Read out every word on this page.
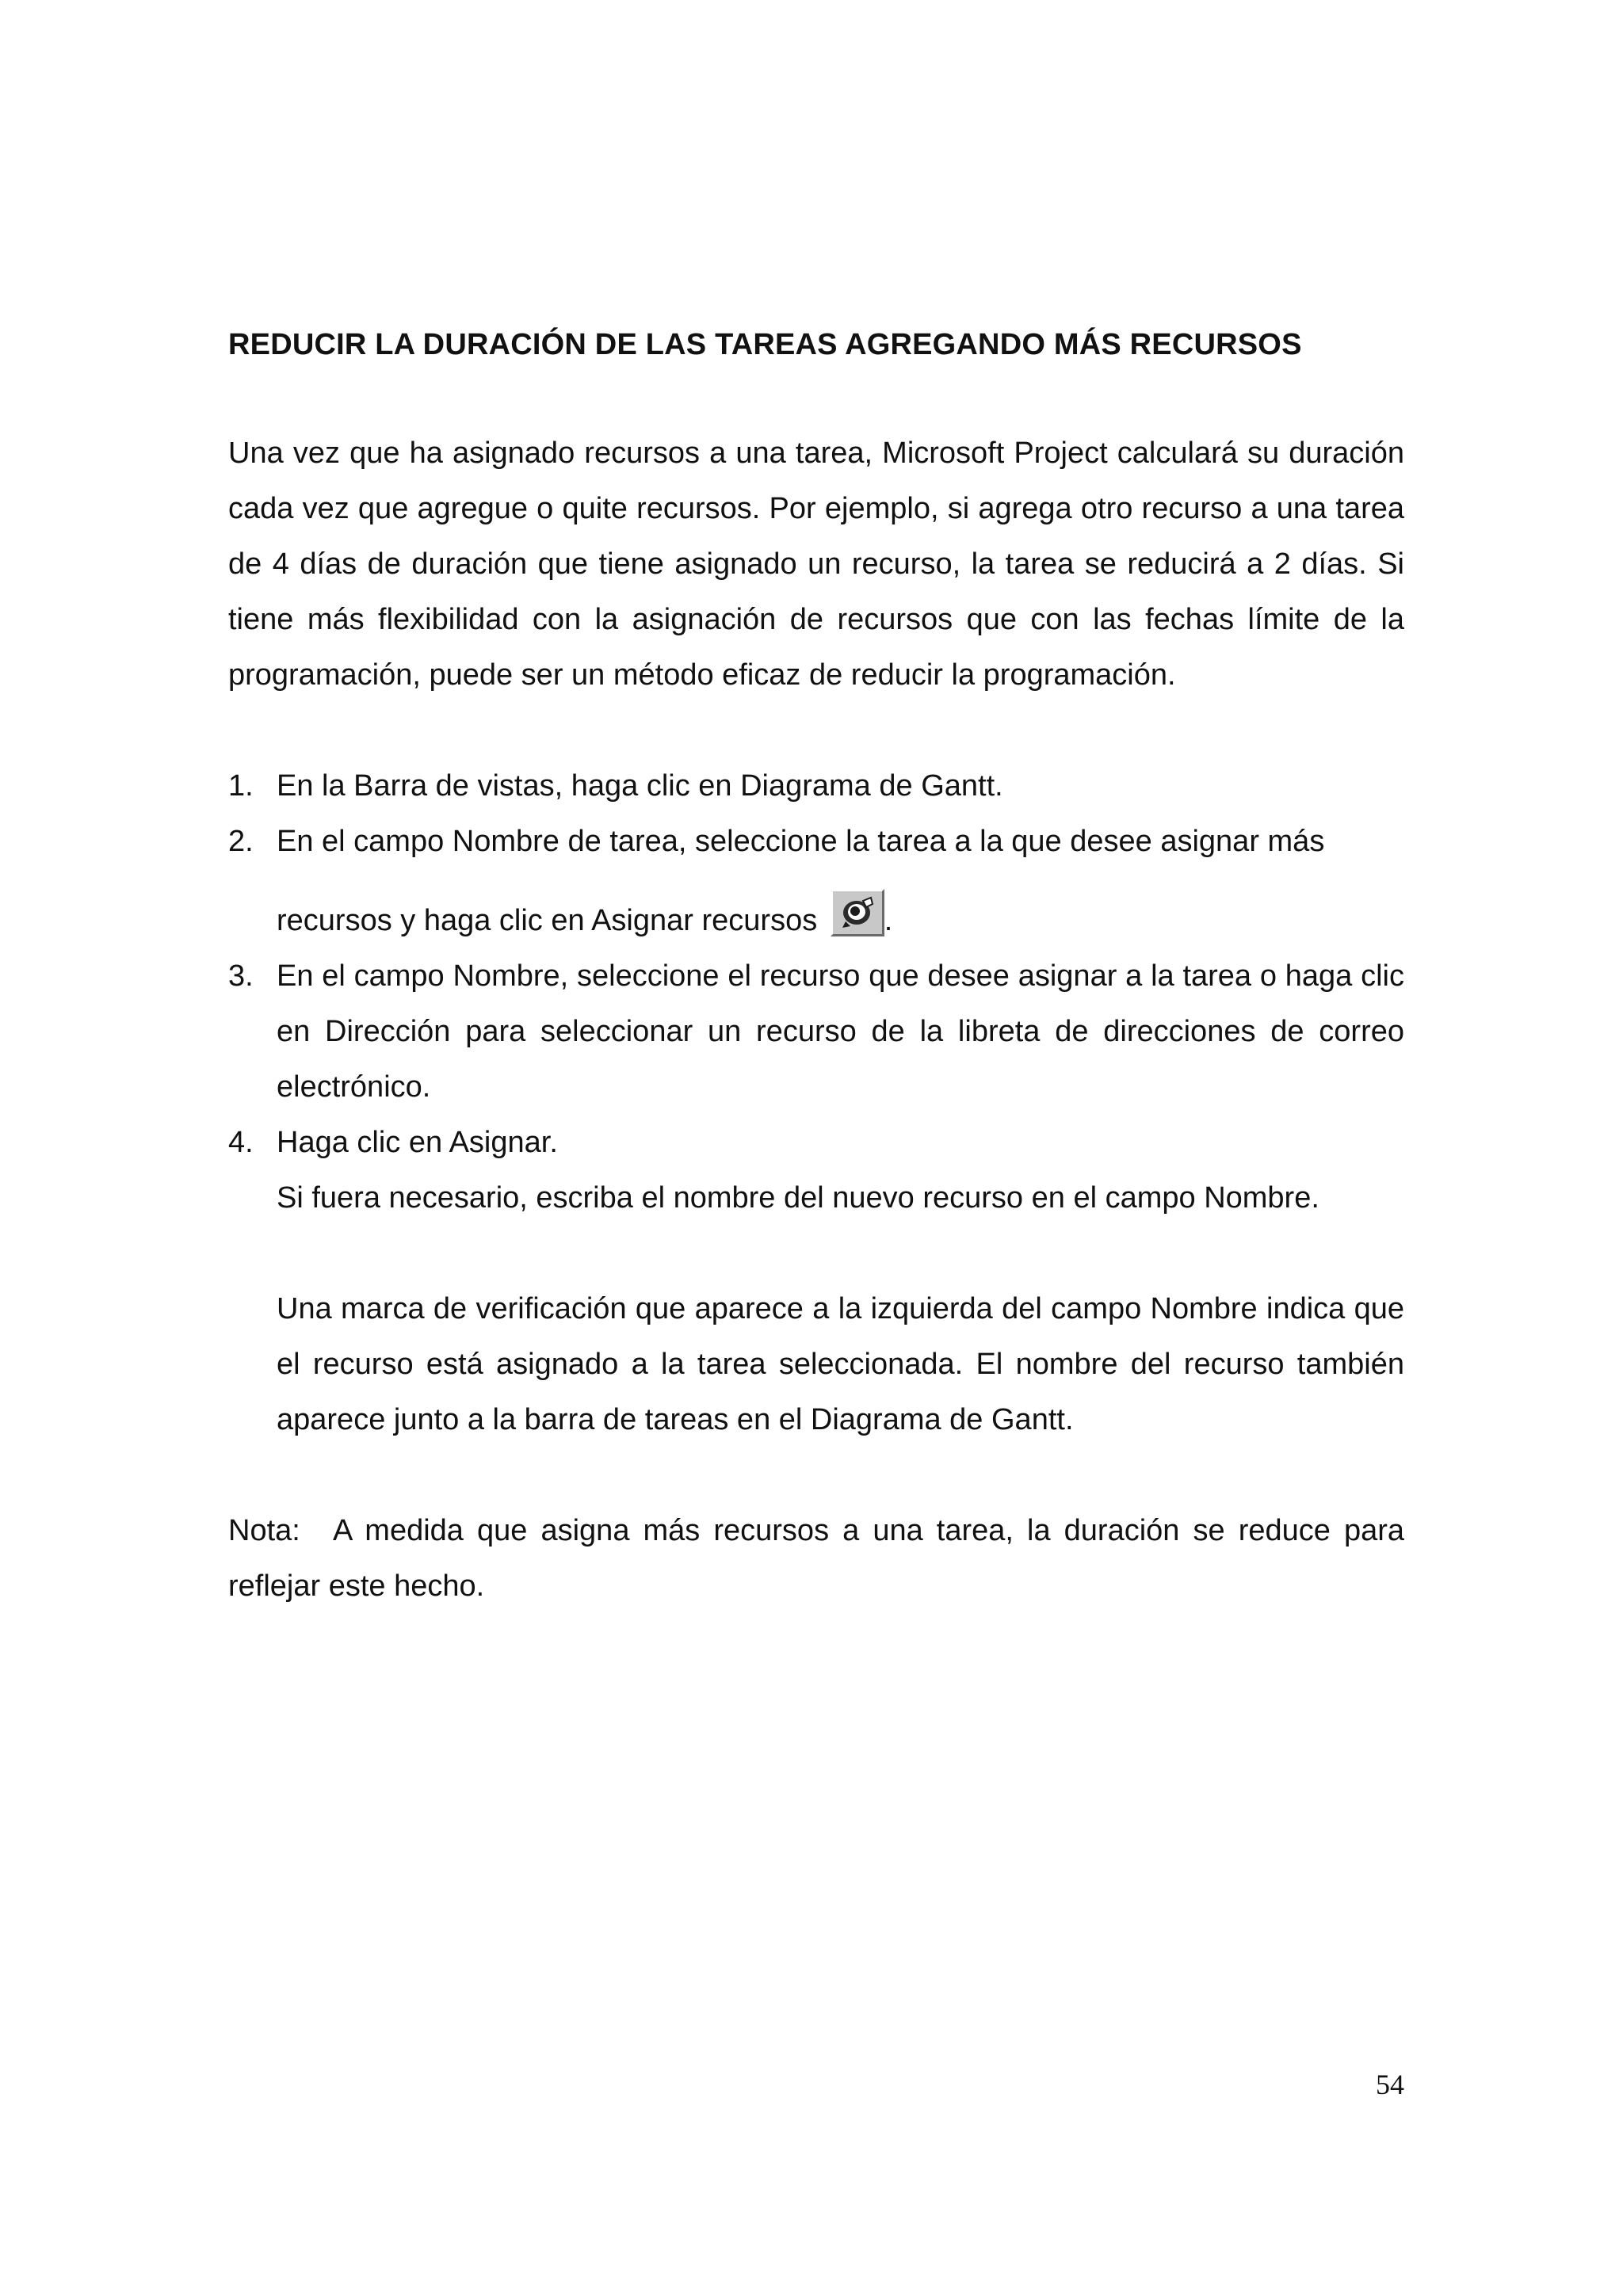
REDUCIR LA DURACIÓN DE LAS TAREAS AGREGANDO MÁS RECURSOS

Una vez que ha asignado recursos a una tarea, Microsoft Project calculará su duración cada vez que agregue o quite recursos. Por ejemplo, si agrega otro recurso a una tarea de 4 días de duración que tiene asignado un recurso, la tarea se reducirá a 2 días. Si tiene más flexibilidad con la asignación de recursos que con las fechas límite de la programación, puede ser un método eficaz de reducir la programación.

1. En la Barra de vistas, haga clic en Diagrama de Gantt.
2. En el campo Nombre de tarea, seleccione la tarea a la que desee asignar más
recursos y haga clic en Asignar recursos .
3. En el campo Nombre, seleccione el recurso que desee asignar a la tarea o haga clic en Dirección para seleccionar un recurso de la libreta de direcciones de correo electrónico.
4. Haga clic en Asignar.
Si fuera necesario, escriba el nombre del nuevo recurso en el campo Nombre.
Una marca de verificación que aparece a la izquierda del campo Nombre indica que el recurso está asignado a la tarea seleccionada. El nombre del recurso también aparece junto a la barra de tareas en el Diagrama de Gantt.

Nota: A medida que asigna más recursos a una tarea, la duración se reduce para reflejar este hecho.

54
